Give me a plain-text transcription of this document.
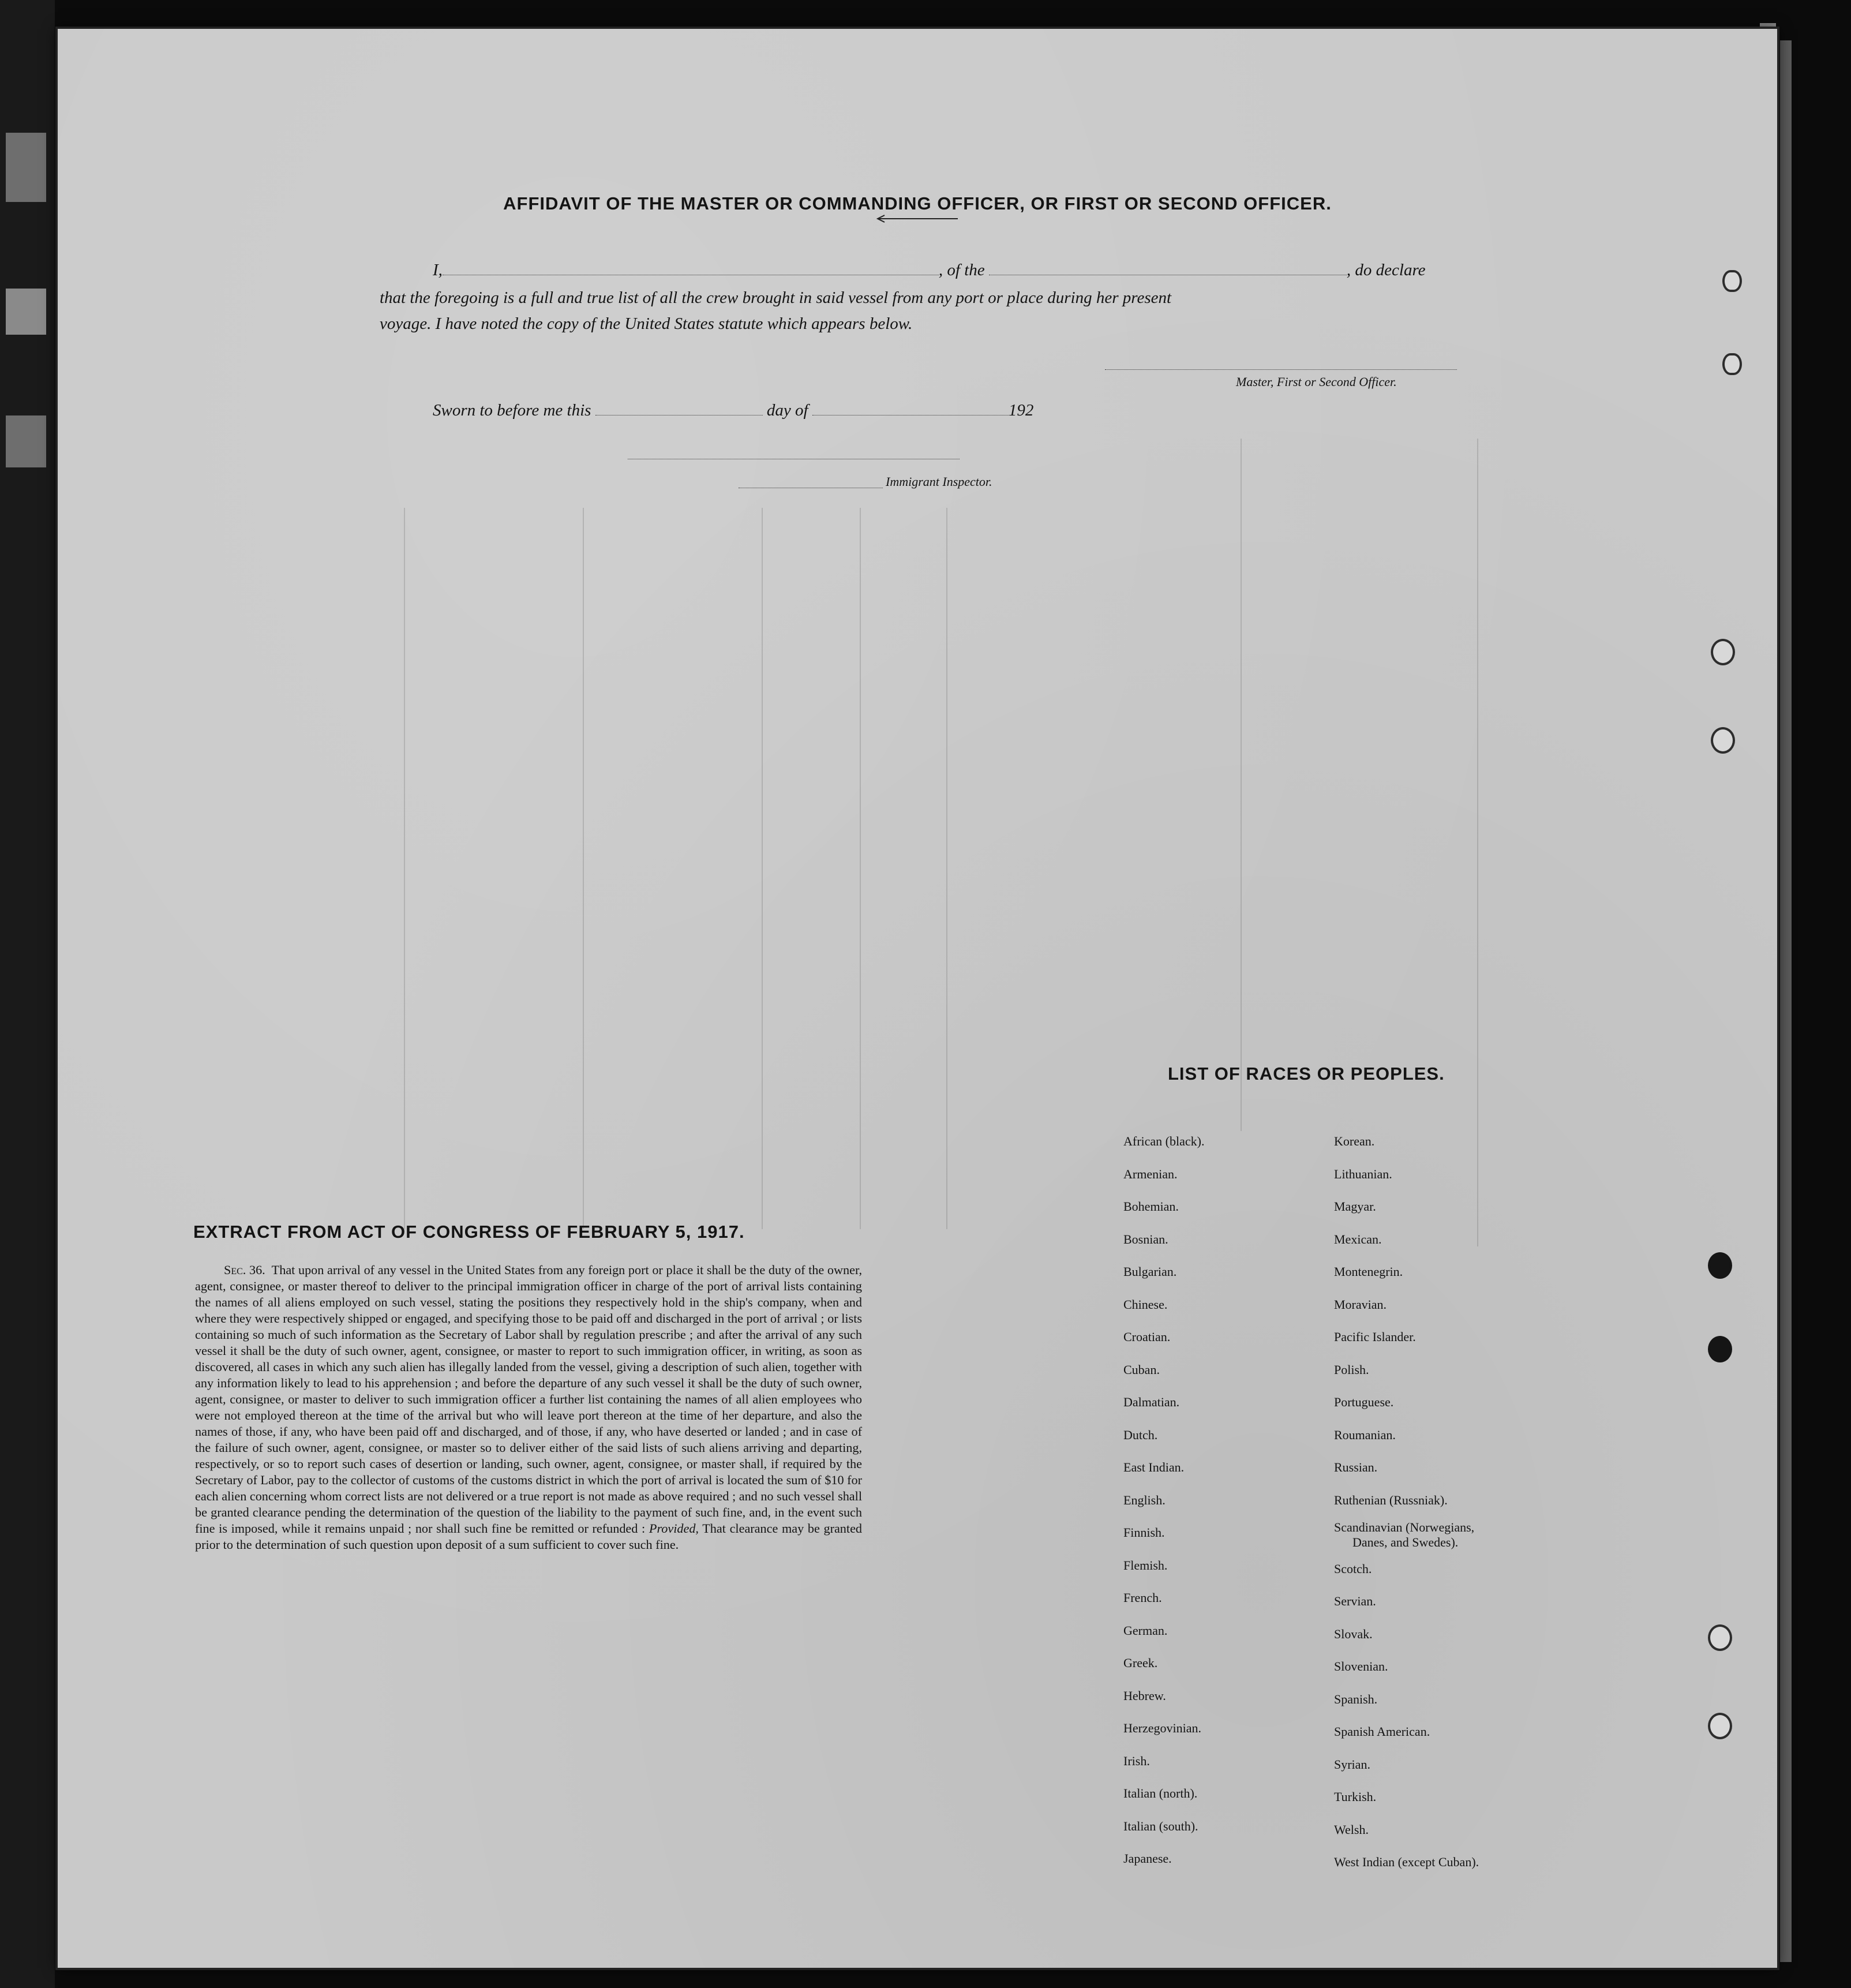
AFFIDAVIT OF THE MASTER OR COMMANDING OFFICER, OR FIRST OR SECOND OFFICER.
I,	, of the	, do declare
that the foregoing is a full and true list of all the crew brought in said vessel from any port or place during her present
voyage. I have noted the copy of the United States statute which appears below.
Master, First or Second Officer.
Sworn to before me this	day of	192
Immigrant Inspector.
EXTRACT FROM ACT OF CONGRESS OF FEBRUARY 5, 1917.
Sec. 36. That upon arrival of any vessel in the United States from any foreign port or place it shall be the duty of the owner, agent, consignee, or master thereof to deliver to the principal immigration officer in charge of the port of arrival lists containing the names of all aliens employed on such vessel, stating the positions they respectively hold in the ship's company, when and where they were respectively shipped or engaged, and specifying those to be paid off and discharged in the port of arrival ; or lists containing so much of such information as the Secretary of Labor shall by regulation prescribe ; and after the arrival of any such vessel it shall be the duty of such owner, agent, consignee, or master to report to such immigration officer, in writing, as soon as discovered, all cases in which any such alien has illegally landed from the vessel, giving a description of such alien, together with any information likely to lead to his apprehension ; and before the departure of any such vessel it shall be the duty of such owner, agent, consignee, or master to deliver to such immigration officer a further list containing the names of all alien employees who were not employed thereon at the time of the arrival but who will leave port thereon at the time of her departure, and also the names of those, if any, who have been paid off and discharged, and of those, if any, who have deserted or landed ; and in case of the failure of such owner, agent, consignee, or master so to deliver either of the said lists of such aliens arriving and departing, respectively, or so to report such cases of desertion or landing, such owner, agent, consignee, or master shall, if required by the Secretary of Labor, pay to the collector of customs of the customs district in which the port of arrival is located the sum of $10 for each alien concerning whom correct lists are not delivered or a true report is not made as above required ; and no such vessel shall be granted clearance pending the determination of the question of the liability to the payment of such fine, and, in the event such fine is imposed, while it remains unpaid ; nor shall such fine be remitted or refunded : Provided, That clearance may be granted prior to the determination of such question upon deposit of a sum sufficient to cover such fine.
LIST OF RACES OR PEOPLES.
African (black).
Armenian.
Bohemian.
Bosnian.
Bulgarian.
Chinese.
Croatian.
Cuban.
Dalmatian.
Dutch.
East Indian.
English.
Finnish.
Flemish.
French.
German.
Greek.
Hebrew.
Herzegovinian.
Irish.
Italian (north).
Italian (south).
Japanese.
Korean.
Lithuanian.
Magyar.
Mexican.
Montenegrin.
Moravian.
Pacific Islander.
Polish.
Portuguese.
Roumanian.
Russian.
Ruthenian (Russniak).
Scandinavian (Norwegians,
Danes, and Swedes).
Scotch.
Servian.
Slovak.
Slovenian.
Spanish.
Spanish American.
Syrian.
Turkish.
Welsh.
West Indian (except Cuban).
